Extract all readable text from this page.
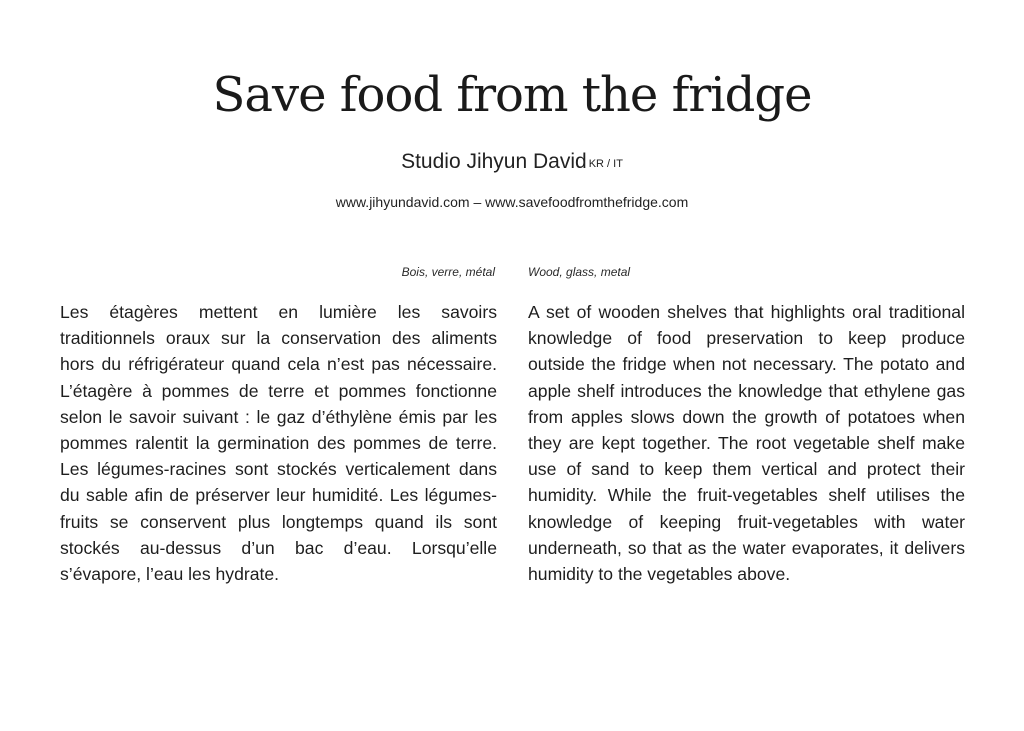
Save food from the fridge
Studio Jihyun David $^{KR / IT}$
www.jihyundavid.com – www.savefoodfromthefridge.com
Bois, verre, métal	Wood, glass, metal

Les étagères mettent en lumière les savoirs traditionnels oraux sur la conservation des aliments hors du réfrigérateur quand cela n’est pas nécessaire. L’étagère à pommes de terre et pommes fonctionne selon le savoir suivant : le gaz d’éthylène émis par les pommes ralentit la germination des pommes de terre. Les légumes-racines sont stockés verticalement dans du sable afin de préserver leur humidité. Les légumes-fruits se conservent plus longtemps quand ils sont stockés au-dessus d’un bac d’eau. Lorsqu’elle s’évapore, l’eau les hydrate.

A set of wooden shelves that highlights oral traditional knowledge of food preservation to keep produce outside the fridge when not necessary. The potato and apple shelf introduces the knowledge that ethylene gas from apples slows down the growth of potatoes when they are kept together. The root vegetable shelf make use of sand to keep them vertical and protect their humidity. While the fruit-vegetables shelf utilises the knowledge of keeping fruit-vegetables with water underneath, so that as the water evaporates, it delivers humidity to the vegetables above.
